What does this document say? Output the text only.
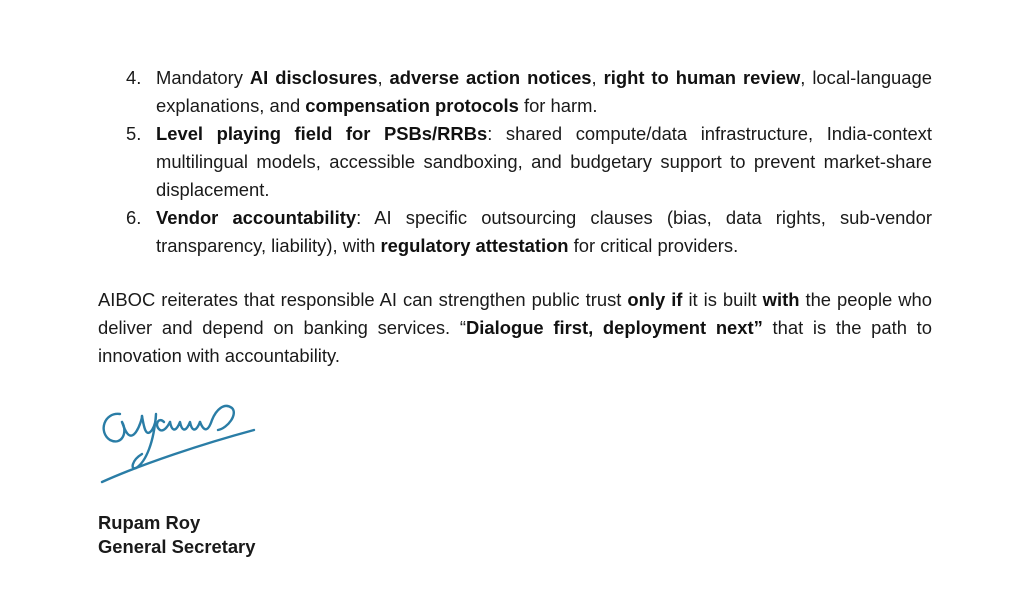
4. Mandatory AI disclosures, adverse action notices, right to human review, local-language explanations, and compensation protocols for harm.
5. Level playing field for PSBs/RRBs: shared compute/data infrastructure, India-context multilingual models, accessible sandboxing, and budgetary support to prevent market-share displacement.
6. Vendor accountability: AI specific outsourcing clauses (bias, data rights, sub-vendor transparency, liability), with regulatory attestation for critical providers.

AIBOC reiterates that responsible AI can strengthen public trust only if it is built with the people who deliver and depend on banking services. “Dialogue first, deployment next” that is the path to innovation with accountability.

Rupam Roy
General Secretary
